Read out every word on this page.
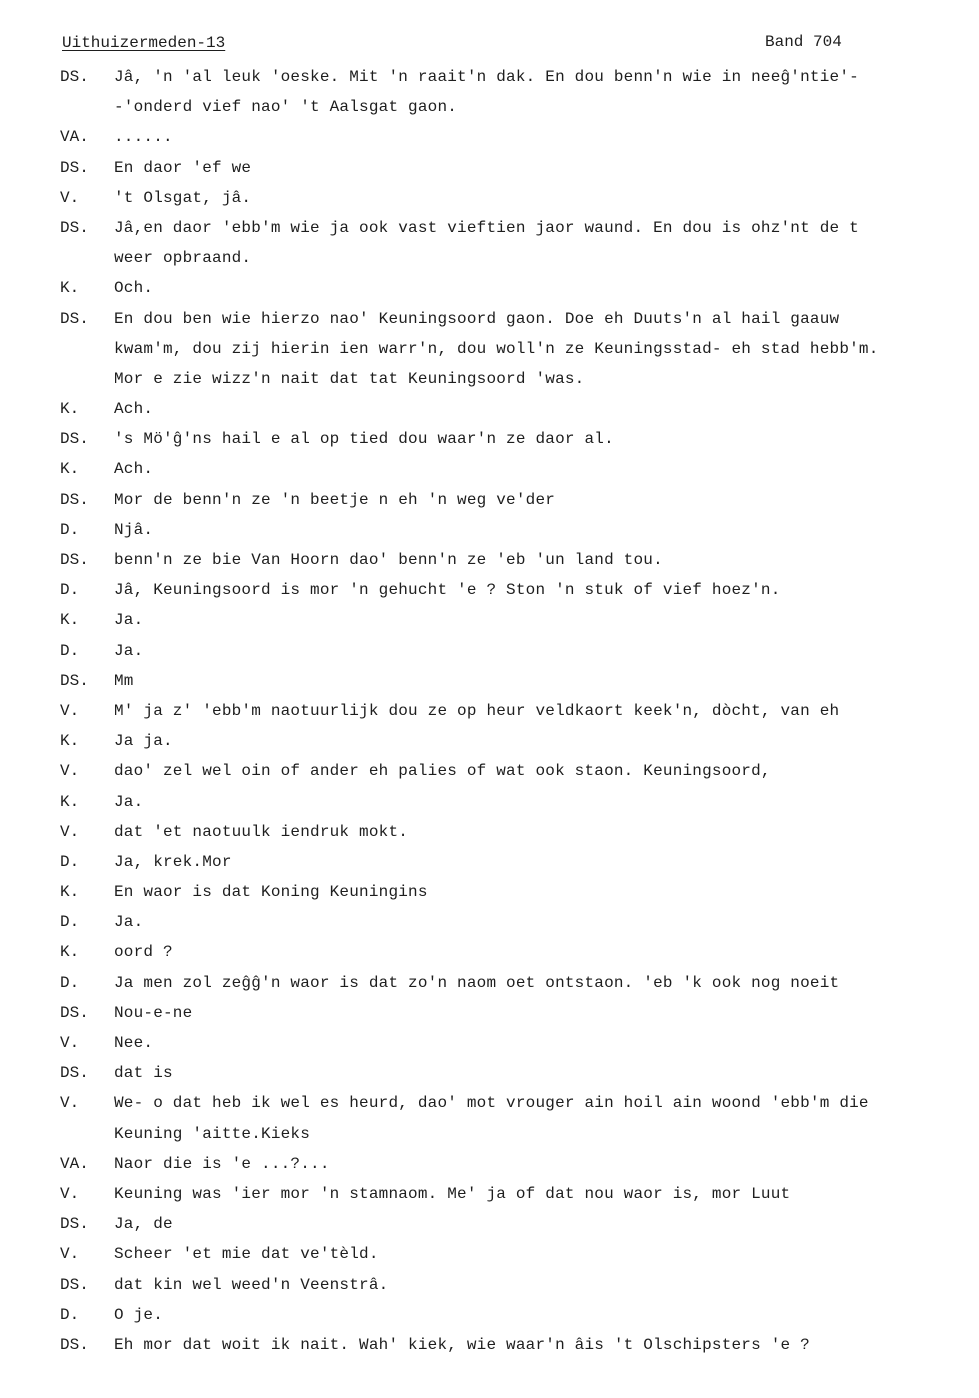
Uithuizermeden-13	Band 704
DS. Jâ, 'n 'al leuk 'oeske. Mit 'n raait'n dak. En dou benn'n wie in neeĝ'ntie'-
-'onderd vief nao' 't Aalsgat gaon.
VA. ......
DS. En daor 'ef we
V. 't Olsgat, jâ.
DS. Jâ,en daor 'ebb'm wie ja ook vast vieftien jaor waund. En dou is ohz'nt de t
weer opbraand.
K. Och.
DS. En dou ben wie hierzo nao' Keuningsoord gaon. Doe eh Duuts'n al hail gaauw
kwam'm, dou zij hierin ien warr'n, dou woll'n ze Keuningsstad- eh stad hebb'm.
Mor e zie wizz'n nait dat tat Keuningsoord 'was.
K. Ach.
DS. 's Mö'ĝ'ns hail e al op tied dou waar'n ze daor al.
K. Ach.
DS. Mor de benn'n ze 'n beetje n eh 'n weg ve'der
D. Njâ.
DS. benn'n ze bie Van Hoorn dao' benn'n ze 'eb 'un land tou.
D. Jâ, Keuningsoord is mor 'n gehucht 'e ? Ston 'n stuk of vief hoez'n.
K. Ja.
D. Ja.
DS. Mm
V. M' ja z' 'ebb'm naotuurlijk dou ze op heur veldkaort keek'n, dòcht, van eh
K. Ja ja.
V. dao' zel wel oin of ander eh palies of wat ook staon. Keuningsoord,
K. Ja.
V. dat 'et naotuulk iendruk mokt.
D. Ja, krek.Mor
K. En waor is dat Koning Keuningins
D. Ja.
K. oord ?
D. Ja men zol zeĝĝ'n waor is dat zo'n naom oet ontstaon. 'eb 'k ook nog noeit
DS. Nou-e-ne
V. Nee.
DS. dat is
V. We- o dat heb ik wel es heurd, dao' mot vrouger ain hoil ain woond 'ebb'm die
Keuning 'aitte.Kieks
VA. Naor die is 'e ...?...
V. Keuning was 'ier mor 'n stamnaom. Me' ja of dat nou waor is, mor Luut
DS. Ja, de
V. Scheer 'et mie dat ve'tèld.
DS. dat kin wel weed'n Veenstrâ.
D. O je.
DS. Eh mor dat woit ik nait. Wah' kiek, wie waar'n âis 't Olschipsters 'e ?
